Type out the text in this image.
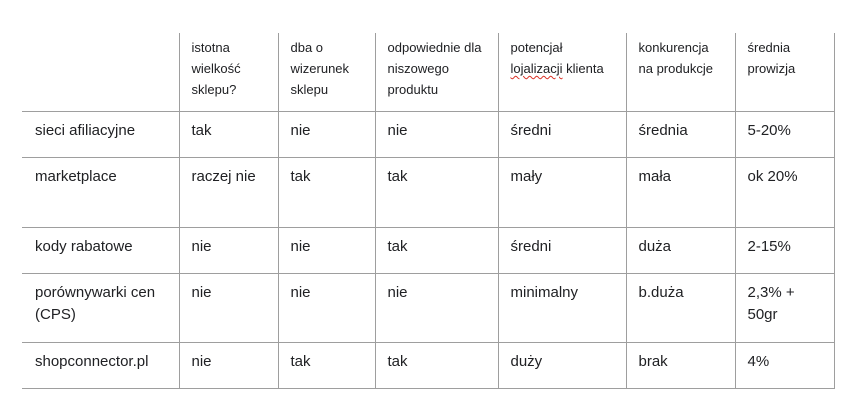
	istotna wielkość sklepu?	dba o wizerunek sklepu	odpowiednie dla niszowego produktu	potencjał lojalizacji klienta	konkurencja na produkcje	średnia prowizja
sieci afiliacyjne	tak	nie	nie	średni	średnia	5-20%
marketplace	raczej nie	tak	tak	mały	mała	ok 20%
kody rabatowe	nie	nie	tak	średni	duża	2-15%
porównywarki cen (CPS)	nie	nie	nie	minimalny	b.duża	2,3% + 50gr
shopconnector.pl	nie	tak	tak	duży	brak	4%
